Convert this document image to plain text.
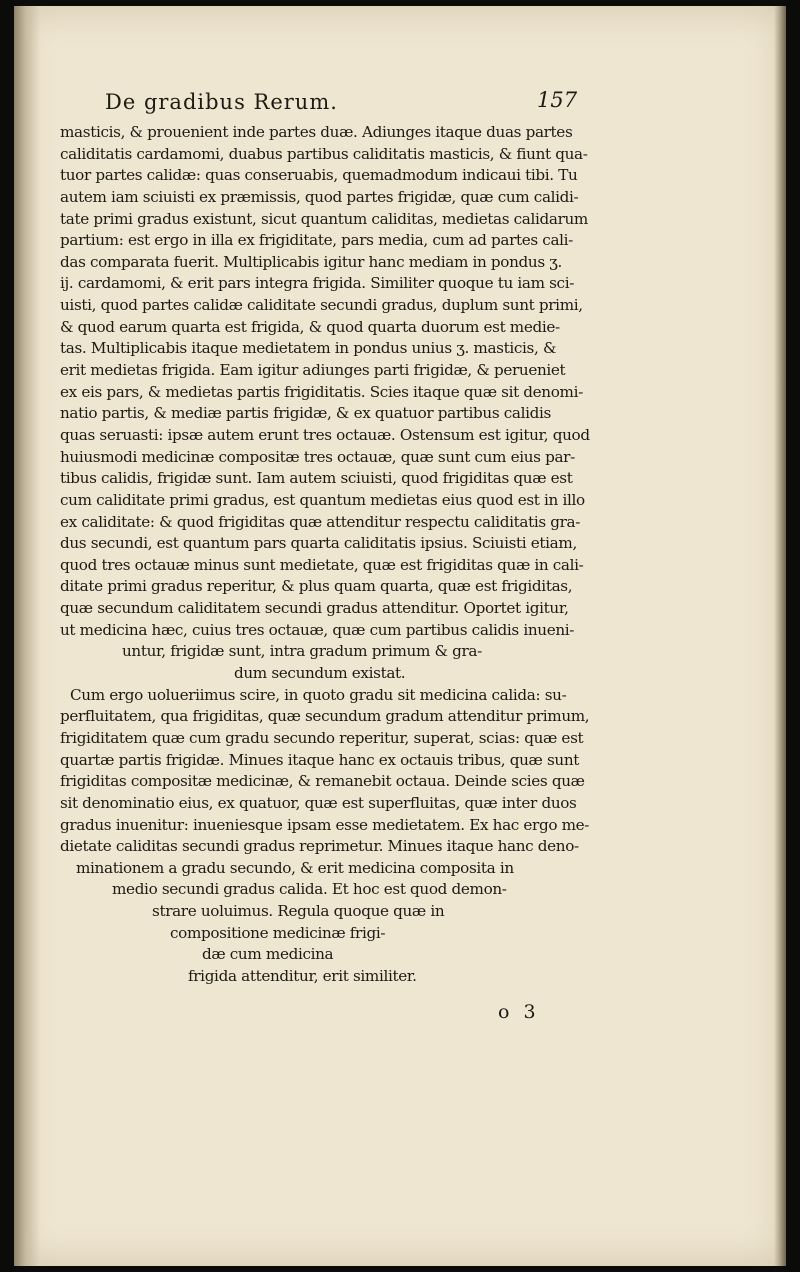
De gradibus Rerum.	157
masticis, & prouenient inde partes duæ. Adiunges itaque duas partes
caliditatis cardamomi, duabus partibus caliditatis masticis, & fiunt qua-
tuor partes calidæ: quas conseruabis, quemadmodum indicaui tibi. Tu
autem iam sciuisti ex præmissis, quod partes frigidæ, quæ cum calidi-
tate primi gradus existunt, sicut quantum caliditas, medietas calidarum
partium: est ergo in illa ex frigiditate, pars media, cum ad partes cali-
das comparata fuerit. Multiplicabis igitur hanc mediam in pondus ʒ.
ij. cardamomi, & erit pars integra frigida. Similiter quoque tu iam sci-
uisti, quod partes calidæ caliditate secundi gradus, duplum sunt primi,
& quod earum quarta est frigida, & quod quarta duorum est medie-
tas. Multiplicabis itaque medietatem in pondus unius ʒ. masticis, &
erit medietas frigida. Eam igitur adiunges parti frigidæ, & perueniet
ex eis pars, & medietas partis frigiditatis. Scies itaque quæ sit denomi-
natio partis, & mediæ partis frigidæ, & ex quatuor partibus calidis
quas seruasti: ipsæ autem erunt tres octauæ. Ostensum est igitur, quod
huiusmodi medicinæ compositæ tres octauæ, quæ sunt cum eius par-
tibus calidis, frigidæ sunt. Iam autem sciuisti, quod frigiditas quæ est
cum caliditate primi gradus, est quantum medietas eius quod est in illo
ex caliditate: & quod frigiditas quæ attenditur respectu caliditatis gra-
dus secundi, est quantum pars quarta caliditatis ipsius. Sciuisti etiam,
quod tres octauæ minus sunt medietate, quæ est frigiditas quæ in cali-
ditate primi gradus reperitur, & plus quam quarta, quæ est frigiditas,
quæ secundum caliditatem secundi gradus attenditur. Oportet igitur,
ut medicina hæc, cuius tres octauæ, quæ cum partibus calidis inueni-
untur, frigidæ sunt, intra gradum primum & gra-
dum secundum existat.
Cum ergo uolueriimus scire, in quoto gradu sit medicina calida: su-
perfluitatem, qua frigiditas, quæ secundum gradum attenditur primum,
frigiditatem quæ cum gradu secundo reperitur, superat, scias: quæ est
quartæ partis frigidæ. Minues itaque hanc ex octauis tribus, quæ sunt
frigiditas compositæ medicinæ, & remanebit octaua. Deinde scies quæ
sit denominatio eius, ex quatuor, quæ est superfluitas, quæ inter duos
gradus inuenitur: inueniesque ipsam esse medietatem. Ex hac ergo me-
dietate caliditas secundi gradus reprimetur. Minues itaque hanc deno-
minationem a gradu secundo, & erit medicina composita in
medio secundi gradus calida. Et hoc est quod demon-
strare uoluimus. Regula quoque quæ in
compositione medicinæ frigi-
dæ cum medicina
frigida attenditur, erit similiter.
o 3
